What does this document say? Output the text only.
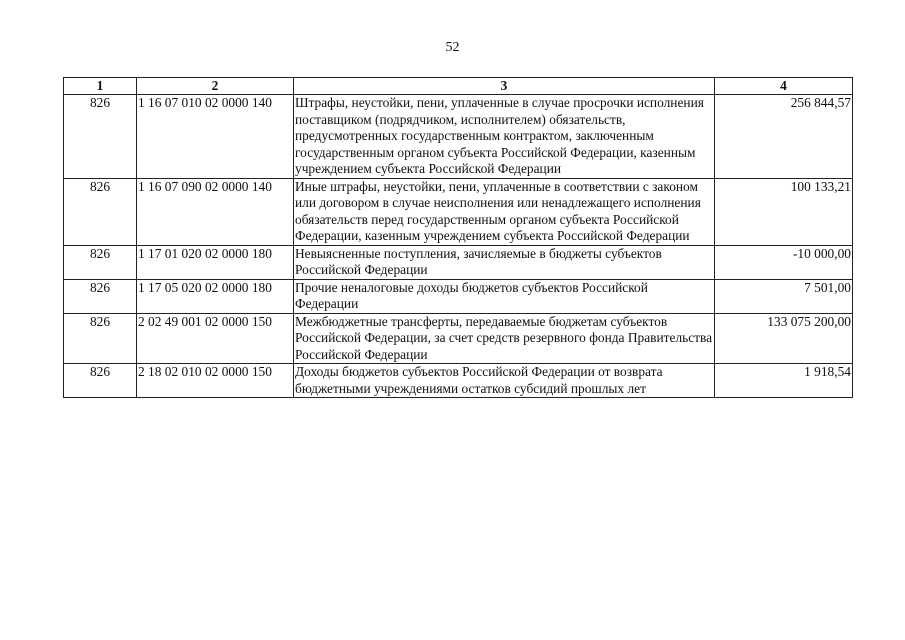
52
1	2	3	4
826	1 16 07 010 02 0000 140	Штрафы, неустойки, пени, уплаченные в случае просрочки исполнения поставщиком (подрядчиком, исполнителем) обязательств, предусмотренных государственным контрактом, заключенным государственным органом субъекта Российской Федерации, казенным учреждением субъекта Российской Федерации	256 844,57
826	1 16 07 090 02 0000 140	Иные штрафы, неустойки, пени, уплаченные в соответствии с законом или договором в случае неисполнения или ненадлежащего исполнения обязательств перед государственным органом субъекта Российской Федерации, казенным учреждением субъекта Российской Федерации	100 133,21
826	1 17 01 020 02 0000 180	Невыясненные поступления, зачисляемые в бюджеты субъектов Российской Федерации	-10 000,00
826	1 17 05 020 02 0000 180	Прочие неналоговые доходы бюджетов субъектов Российской Федерации	7 501,00
826	2 02 49 001 02 0000 150	Межбюджетные трансферты, передаваемые бюджетам субъектов Российской Федерации, за счет средств резервного фонда Правительства Российской Федерации	133 075 200,00
826	2 18 02 010 02 0000 150	Доходы бюджетов субъектов Российской Федерации от возврата бюджетными учреждениями остатков субсидий прошлых лет	1 918,54
